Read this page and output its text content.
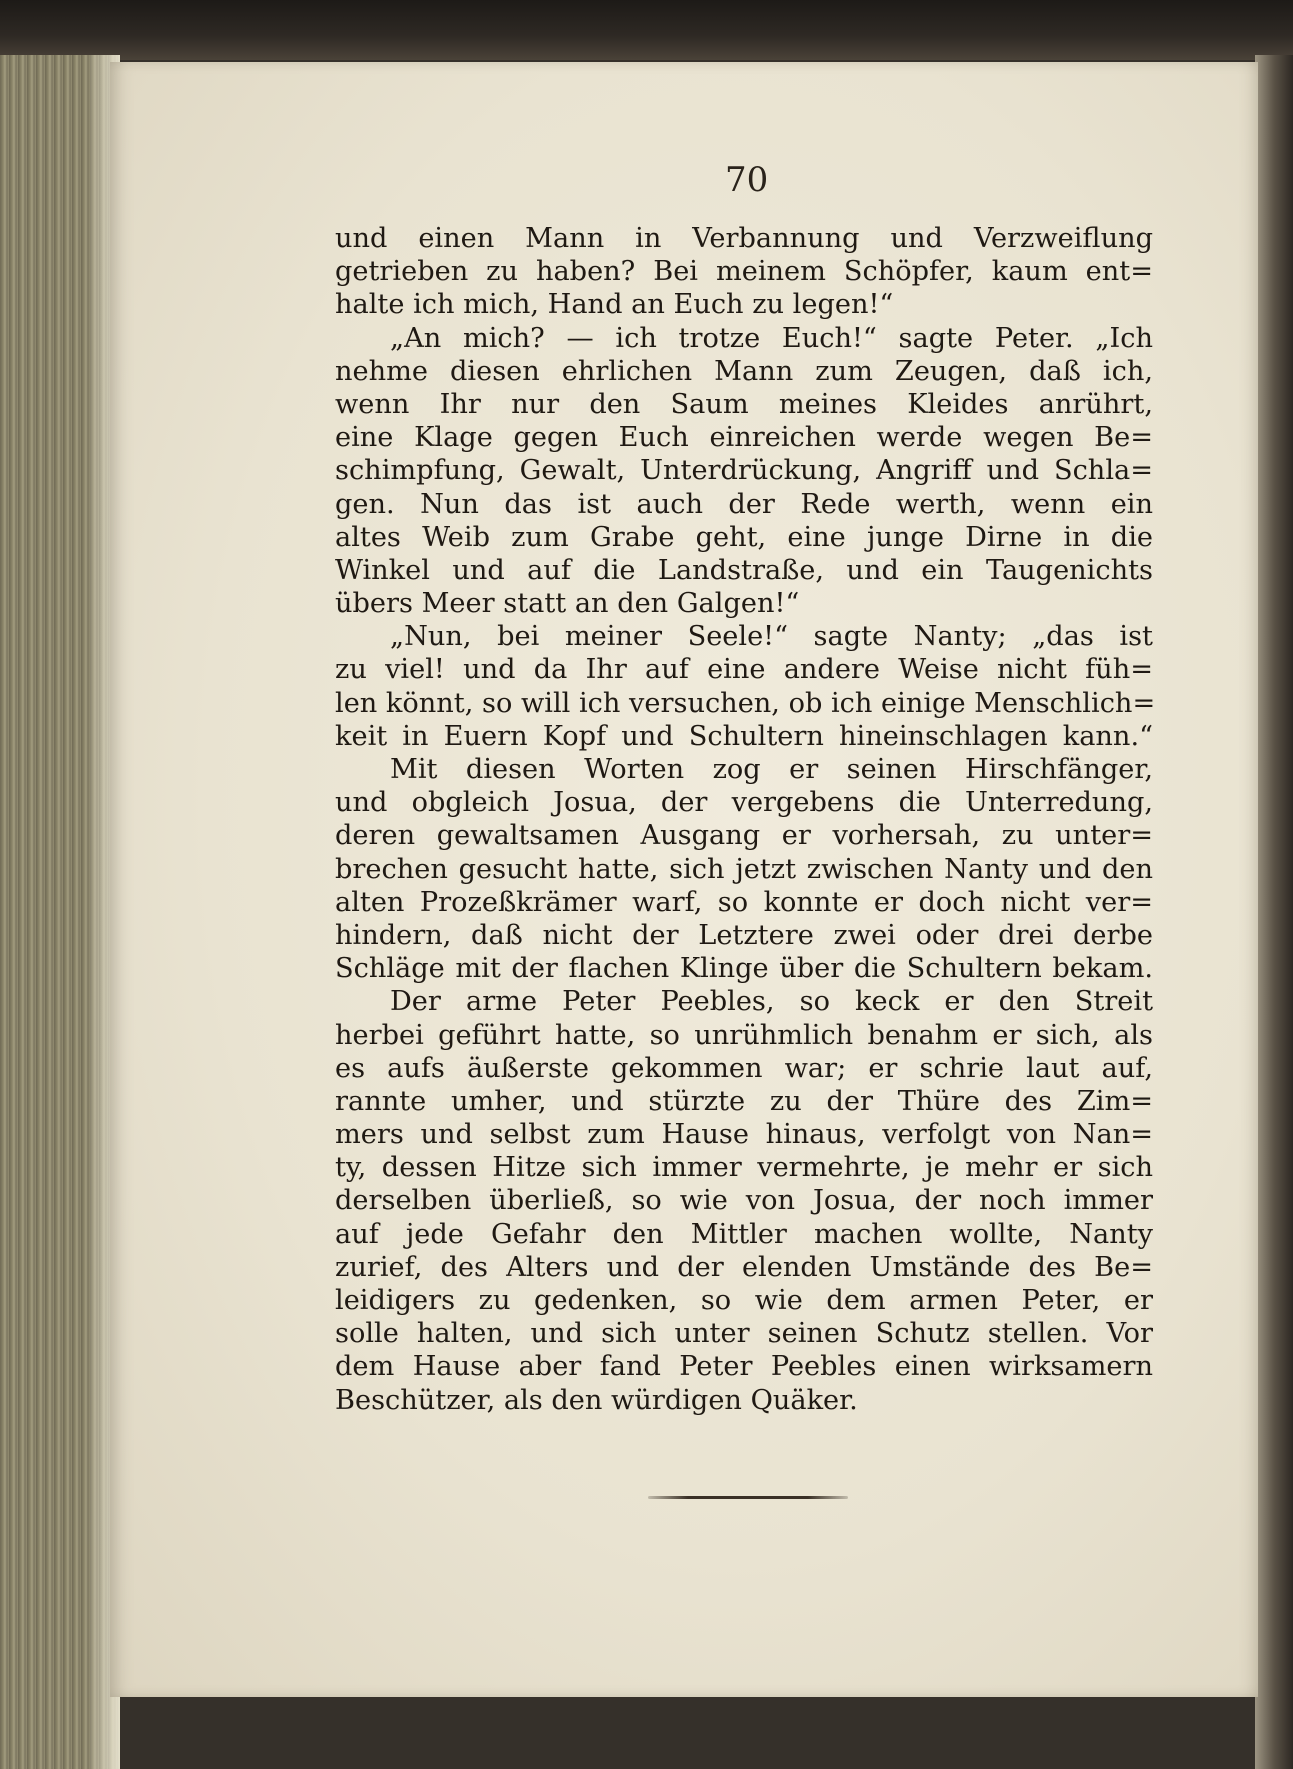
70
und einen Mann in Verbannung und Verzweiflung
getrieben zu haben? Bei meinem Schöpfer, kaum ent=
halte ich mich, Hand an Euch zu legen!“
„An mich? — ich trotze Euch!“ sagte Peter. „Ich
nehme diesen ehrlichen Mann zum Zeugen, daß ich,
wenn Ihr nur den Saum meines Kleides anrührt,
eine Klage gegen Euch einreichen werde wegen Be=
schimpfung, Gewalt, Unterdrückung, Angriff und Schla=
gen. Nun das ist auch der Rede werth, wenn ein
altes Weib zum Grabe geht, eine junge Dirne in die
Winkel und auf die Landstraße, und ein Taugenichts
übers Meer statt an den Galgen!“
„Nun, bei meiner Seele!“ sagte Nanty; „das ist
zu viel! und da Ihr auf eine andere Weise nicht füh=
len könnt, so will ich versuchen, ob ich einige Menschlich=
keit in Euern Kopf und Schultern hineinschlagen kann.“
Mit diesen Worten zog er seinen Hirschfänger,
und obgleich Josua, der vergebens die Unterredung,
deren gewaltsamen Ausgang er vorhersah, zu unter=
brechen gesucht hatte, sich jetzt zwischen Nanty und den
alten Prozeßkrämer warf, so konnte er doch nicht ver=
hindern, daß nicht der Letztere zwei oder drei derbe
Schläge mit der flachen Klinge über die Schultern bekam.
Der arme Peter Peebles, so keck er den Streit
herbei geführt hatte, so unrühmlich benahm er sich, als
es aufs äußerste gekommen war; er schrie laut auf,
rannte umher, und stürzte zu der Thüre des Zim=
mers und selbst zum Hause hinaus, verfolgt von Nan=
ty, dessen Hitze sich immer vermehrte, je mehr er sich
derselben überließ, so wie von Josua, der noch immer
auf jede Gefahr den Mittler machen wollte, Nanty
zurief, des Alters und der elenden Umstände des Be=
leidigers zu gedenken, so wie dem armen Peter, er
solle halten, und sich unter seinen Schutz stellen. Vor
dem Hause aber fand Peter Peebles einen wirksamern
Beschützer, als den würdigen Quäker.
